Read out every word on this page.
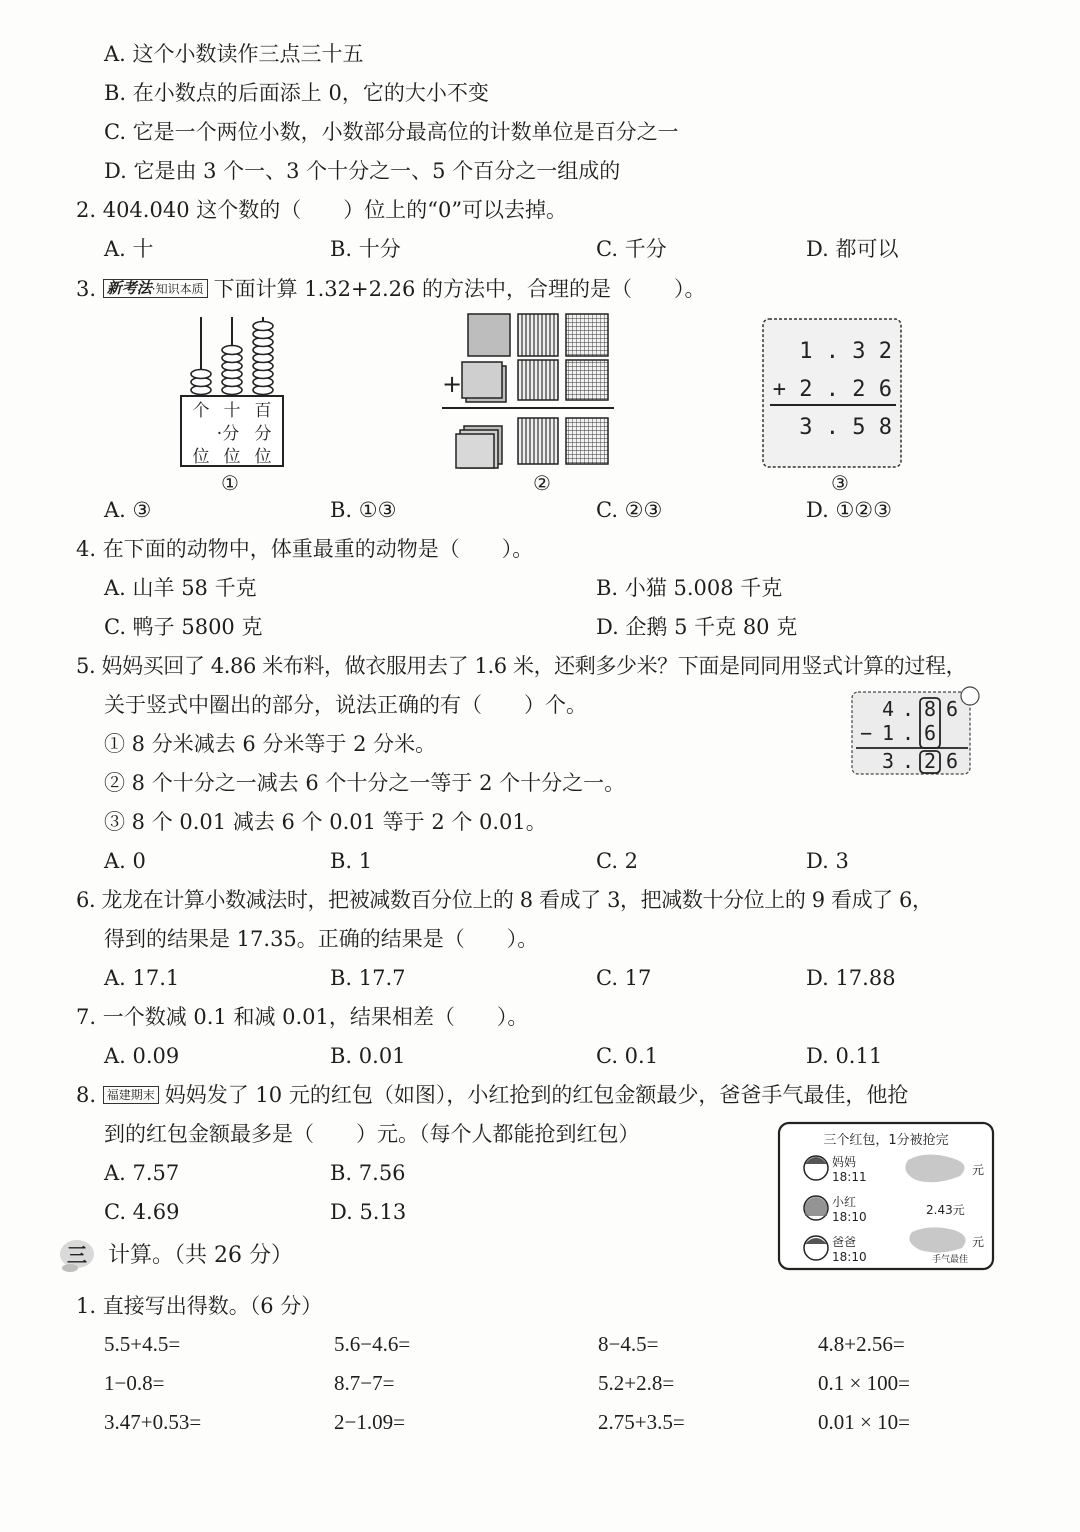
A. 这个小数读作三点三十五
B. 在小数点的后面添上 0，它的大小不变
C. 它是一个两位小数，小数部分最高位的计数单位是百分之一
D. 它是由 3 个一、3 个十分之一、5 个百分之一组成的
2. 404.040 这个数的（　　）位上的“0”可以去掉。
A. 十	B. 十分	C. 千分	D. 都可以
3. 新考法·知识本质 下面计算 1.32+2.26 的方法中，合理的是（　　）。
个 十 百
·分 分
位 位 位
①
+
②
1 . 3 2
+ 2 . 2 6
3 . 5 8
③
A. ③	B. ①③	C. ②③	D. ①②③
4. 在下面的动物中，体重最重的动物是（　　）。
A. 山羊 58 千克	B. 小猫 5.008 千克
C. 鸭子 5800 克	D. 企鹅 5 千克 80 克
5. 妈妈买回了 4.86 米布料，做衣服用去了 1.6 米，还剩多少米？下面是同同用竖式计算的过程，
关于竖式中圈出的部分，说法正确的有（　　）个。
① 8 分米减去 6 分米等于 2 分米。
② 8 个十分之一减去 6 个十分之一等于 2 个十分之一。
③ 8 个 0.01 减去 6 个 0.01 等于 2 个 0.01。
4 . 8 6
− 1 . 6
3 . 2 6
A. 0	B. 1	C. 2	D. 3
6. 龙龙在计算小数减法时，把被减数百分位上的 8 看成了 3，把减数十分位上的 9 看成了 6，
得到的结果是 17.35。正确的结果是（　　）。
A. 17.1	B. 17.7	C. 17	D. 17.88
7. 一个数减 0.1 和减 0.01，结果相差（　　）。
A. 0.09	B. 0.01	C. 0.1	D. 0.11
8. 福建期末 妈妈发了 10 元的红包（如图），小红抢到的红包金额最少，爸爸手气最佳，他抢
到的红包金额最多是（　　）元。（每个人都能抢到红包）
A. 7.57	B. 7.56
C. 4.69	D. 5.13
三个红包，1分被抢完
妈妈
18:11	元
小红
18:10	2.43元
爸爸
18:10
元
手气最佳
三 计算。（共 26 分）
1. 直接写出得数。（6 分）
5.5+4.5=	5.6−4.6=	8−4.5=	4.8+2.56=
1−0.8=	8.7−7=	5.2+2.8=	0.1 × 100=
3.47+0.53=	2−1.09=	2.75+3.5=	0.01 × 10=
